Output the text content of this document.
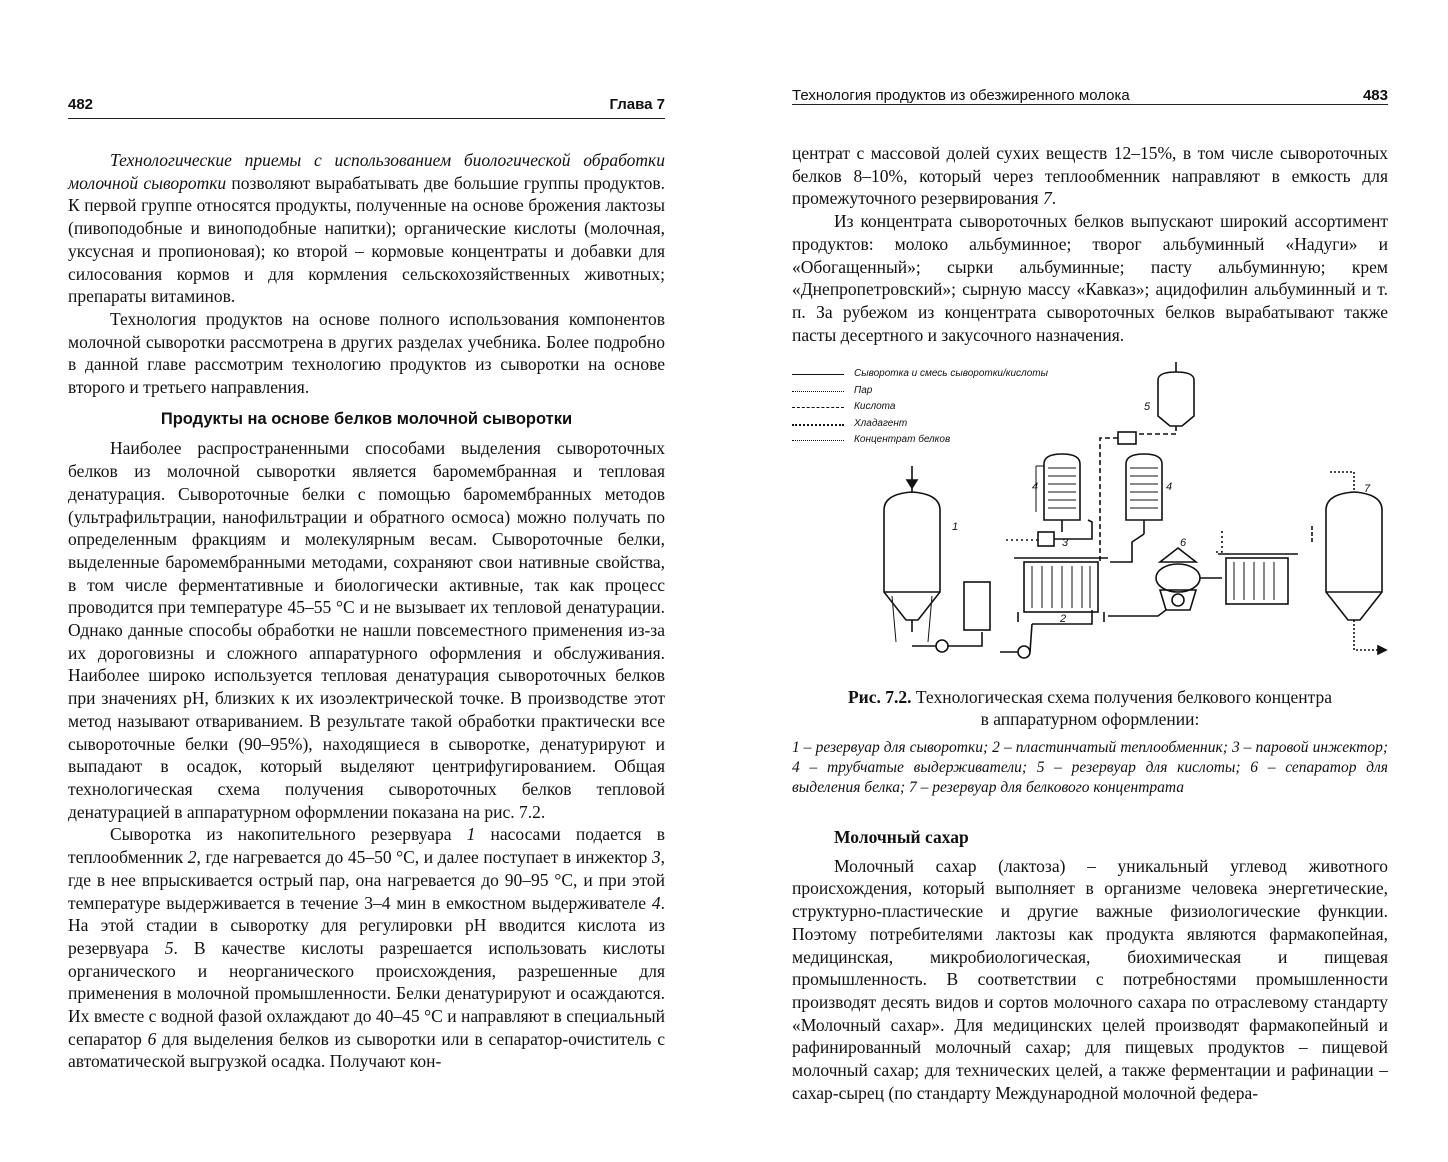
482	Глава 7

Технологические приемы с использованием биологической обработки молочной сыворотки позволяют вырабатывать две большие группы продуктов. К первой группе относятся продукты, полученные на основе брожения лактозы (пивоподобные и виноподобные напитки); органические кислоты (молочная, уксусная и пропионовая); ко второй – кормовые концентраты и добавки для силосования кормов и для кормления сельскохозяйственных животных; препараты витаминов.

Технология продуктов на основе полного использования компонентов молочной сыворотки рассмотрена в других разделах учебника. Более подробно в данной главе рассмотрим технологию продуктов из сыворотки на основе второго и третьего направления.

Продукты на основе белков молочной сыворотки

Наиболее распространенными способами выделения сывороточных белков из молочной сыворотки является баромембранная и тепловая денатурация. Сывороточные белки с помощью баромембранных методов (ультрафильтрации, нанофильтрации и обратного осмоса) можно получать по определенным фракциям и молекулярным весам. Сывороточные белки, выделенные баромембранными методами, сохраняют свои нативные свойства, в том числе ферментативные и биологически активные, так как процесс проводится при температуре 45–55 °С и не вызывает их тепловой денатурации. Однако данные способы обработки не нашли повсеместного применения из-за их дороговизны и сложного аппаратурного оформления и обслуживания. Наиболее широко используется тепловая денатурация сывороточных белков при значениях pH, близких к их изоэлектрической точке. В производстве этот метод называют отвариванием. В результате такой обработки практически все сывороточные белки (90–95%), находящиеся в сыворотке, денатурируют и выпадают в осадок, который выделяют центрифугированием. Общая технологическая схема получения сывороточных белков тепловой денатурацией в аппаратурном оформлении показана на рис. 7.2.

Сыворотка из накопительного резервуара 1 насосами подается в теплообменник 2, где нагревается до 45–50 °С, и далее поступает в инжектор 3, где в нее впрыскивается острый пар, она нагревается до 90–95 °С, и при этой температуре выдерживается в течение 3–4 мин в емкостном выдерживателе 4. На этой стадии в сыворотку для регулировки pH вводится кислота из резервуара 5. В качестве кислоты разрешается использовать кислоты органического и неорганического происхождения, разрешенные для применения в молочной промышленности. Белки денатурируют и осаждаются. Их вместе с водной фазой охлаждают до 40–45 °С и направляют в специальный сепаратор 6 для выделения белков из сыворотки или в сепаратор-очиститель с автоматической выгрузкой осадка. Получают кон-

Технология продуктов из обезжиренного молока	483

центрат с массовой долей сухих веществ 12–15%, в том числе сывороточных белков 8–10%, который через теплообменник направляют в емкость для промежуточного резервирования 7.

Из концентрата сывороточных белков выпускают широкий ассортимент продуктов: молоко альбуминное; творог альбуминный «Надуги» и «Обогащенный»; сырки альбуминные; пасту альбуминную; крем «Днепропетровский»; сырную массу «Кавказ»; ацидофилин альбуминный и т. п. За рубежом из концентрата сывороточных белков вырабатывают также пасты десертного и закусочного назначения.

Сыворотка и смесь сыворотки/кислоты
Пар
Кислота
Хладагент
Концентрат белков
1
2
3
4	4
5
6
7
Рис. 7.2. Технологическая схема получения белкового концентра
в аппаратурном оформлении:
1 – резервуар для сыворотки; 2 – пластинчатый теплообменник; 3 – паровой инжектор; 4 – трубчатые выдерживатели; 5 – резервуар для кислоты; 6 – сепаратор для выделения белка; 7 – резервуар для белкового концентрата
Молочный сахар

Молочный сахар (лактоза) – уникальный углевод животного происхождения, который выполняет в организме человека энергетические, структурно-пластические и другие важные физиологические функции. Поэтому потребителями лактозы как продукта являются фармакопейная, медицинская, микробиологическая, биохимическая и пищевая промышленность. В соответствии с потребностями промышленности производят десять видов и сортов молочного сахара по отраслевому стандарту «Молочный сахар». Для медицинских целей производят фармакопейный и рафинированный молочный сахар; для пищевых продуктов – пищевой молочный сахар; для технических целей, а также ферментации и рафинации – сахар-сырец (по стандарту Международной молочной федера-
